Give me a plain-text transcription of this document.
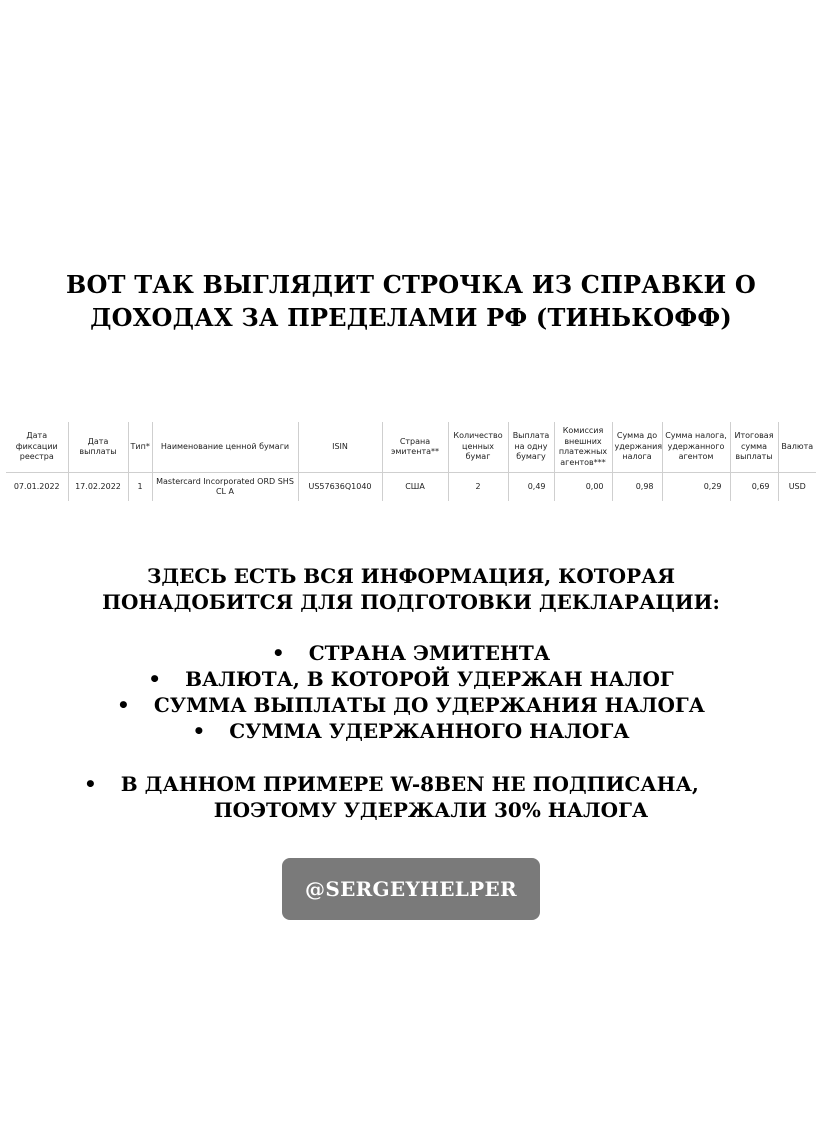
ВОТ ТАК ВЫГЛЯДИТ СТРОЧКА ИЗ СПРАВКИ О
ДОХОДАХ ЗА ПРЕДЕЛАМИ РФ (ТИНЬКОФФ)
Дата фиксации реестра	Дата выплаты	Тип*	Наименование ценной бумаги	ISIN	Страна эмитента**	Количество ценных бумаг	Выплата на одну бумагу	Комиссия внешних платежных агентов***	Сумма до удержания налога	Сумма налога, удержанного агентом	Итоговая сумма выплаты	Валюта
07.01.2022	17.02.2022	1	Mastercard Incorporated ORD SHS CL A	US57636Q1040	США	2	0,49	0,00	0,98	0,29	0,69	USD
ЗДЕСЬ ЕСТЬ ВСЯ ИНФОРМАЦИЯ, КОТОРАЯ
ПОНАДОБИТСЯ ДЛЯ ПОДГОТОВКИ ДЕКЛАРАЦИИ:
• СТРАНА ЭМИТЕНТА
• ВАЛЮТА, В КОТОРОЙ УДЕРЖАН НАЛОГ
• СУММА ВЫПЛАТЫ ДО УДЕРЖАНИЯ НАЛОГА
• СУММА УДЕРЖАННОГО НАЛОГА
• В ДАННОМ ПРИМЕРЕ W-8BEN НЕ ПОДПИСАНА,
ПОЭТОМУ УДЕРЖАЛИ 30% НАЛОГА
@SERGEYHELPER
